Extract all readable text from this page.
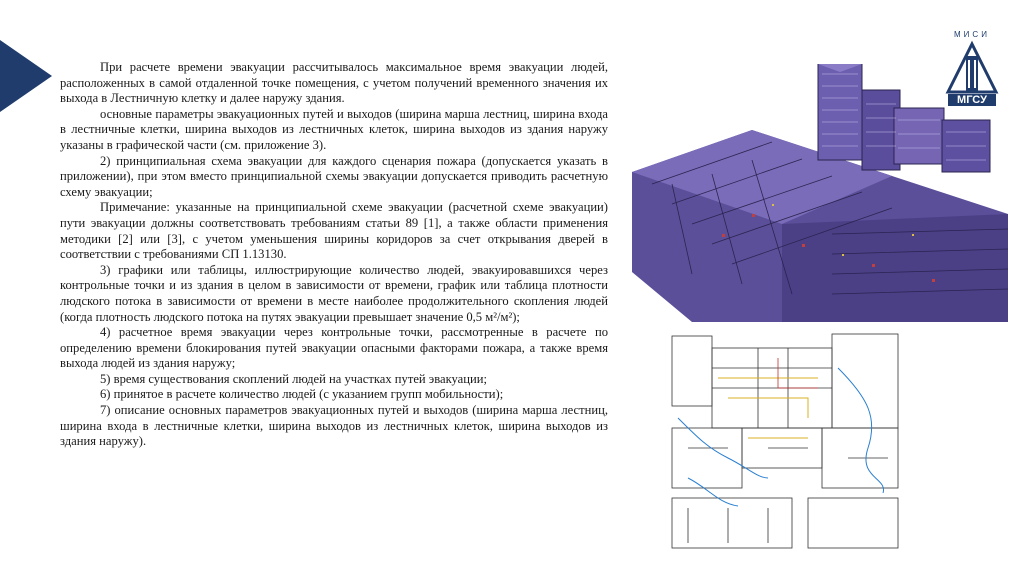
При расчете времени эвакуации рассчитывалось максимальное время эвакуации людей, расположенных в самой отдаленной точке помещения, с учетом получений временного значения их выхода в Лестничную клетку и далее наружу здания.

основные параметры эвакуационных путей и выходов (ширина марша лестниц, ширина входа в лестничные клетки, ширина выходов из лестничных клеток, ширина выходов из здания наружу указаны в графической части (см. приложение 3).

2) принципиальная схема эвакуации для каждого сценария пожара (допускается указать в приложении), при этом вместо принципиальной схемы эвакуации допускается приводить расчетную схему эвакуации;

Примечание: указанные на принципиальной схеме эвакуации (расчетной схеме эвакуации) пути эвакуации должны соответствовать требованиям статьи 89 [1], а также области применения методики [2] или [3], с учетом уменьшения ширины коридоров за счет открывания дверей в соответствии с требованиями СП 1.13130.

3) графики или таблицы, иллюстрирующие количество людей, эвакуировавшихся через контрольные точки и из здания в целом в зависимости от времени, график или таблица плотности людского потока в зависимости от времени в месте наиболее продолжительного скопления людей (когда плотность людского потока на путях эвакуации превышает значение 0,5 м²/м²);

4) расчетное время эвакуации через контрольные точки, рассмотренные в расчете по определению времени блокирования путей эвакуации опасными факторами пожара, а также время выхода людей из здания наружу;

5) время существования скоплений людей на участках путей эвакуации;

6) принятое в расчете количество людей (с указанием групп мобильности);

7) описание основных параметров эвакуационных путей и выходов (ширина марша лестниц, ширина входа в лестничные клетки, ширина выходов из лестничных клеток, ширина выходов из здания наружу).

МИСИ
МГСУ
